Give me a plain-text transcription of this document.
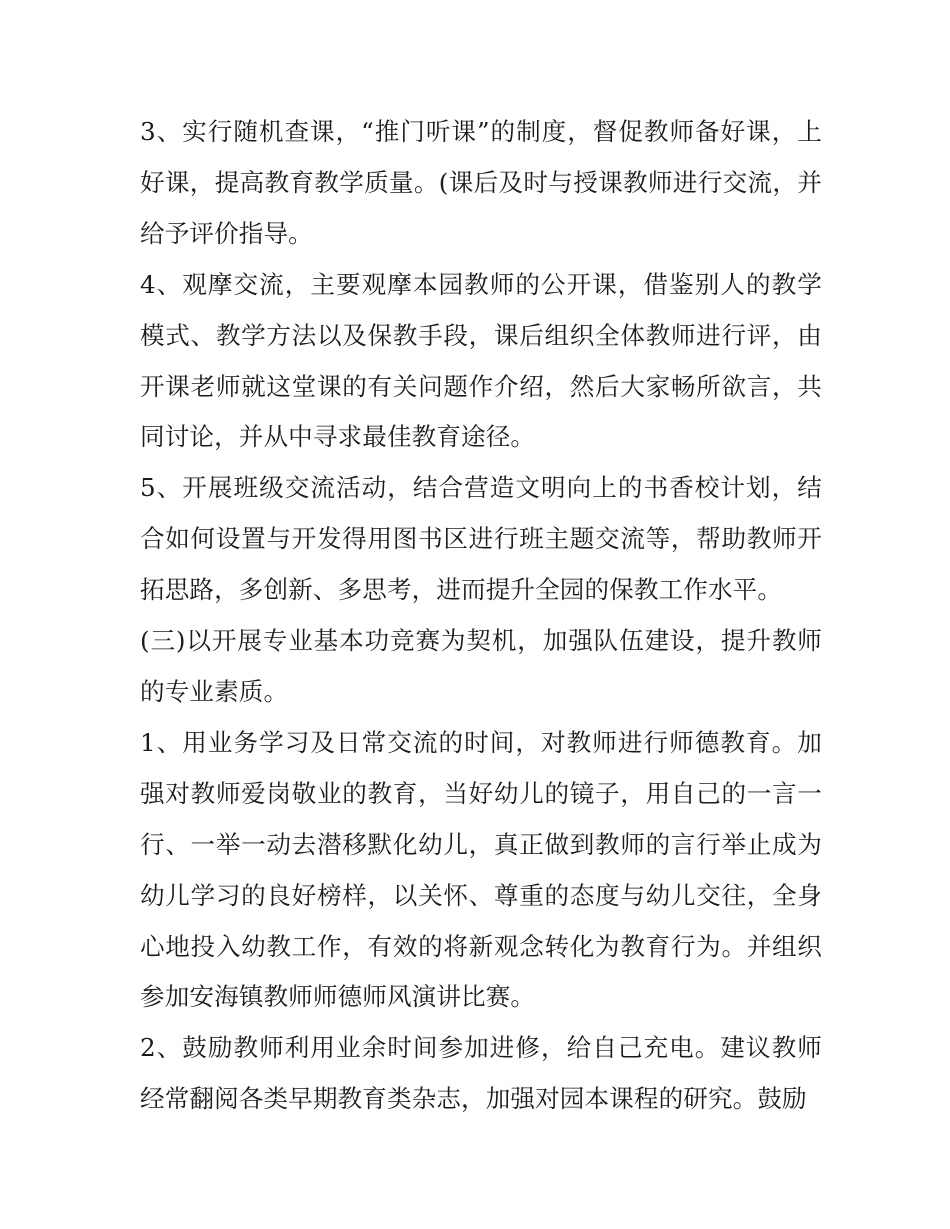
3、实行随机查课，“推门听课”的制度，督促教师备好课，上好课，提高教育教学质量。(课后及时与授课教师进行交流，并给予评价指导。

4、观摩交流，主要观摩本园教师的公开课，借鉴别人的教学模式、教学方法以及保教手段，课后组织全体教师进行评，由开课老师就这堂课的有关问题作介绍，然后大家畅所欲言，共同讨论，并从中寻求最佳教育途径。

5、开展班级交流活动，结合营造文明向上的书香校计划，结合如何设置与开发得用图书区进行班主题交流等，帮助教师开拓思路，多创新、多思考，进而提升全园的保教工作水平。

(三)以开展专业基本功竞赛为契机，加强队伍建设，提升教师的专业素质。

1、用业务学习及日常交流的时间，对教师进行师德教育。加强对教师爱岗敬业的教育，当好幼儿的镜子，用自己的一言一行、一举一动去潜移默化幼儿，真正做到教师的言行举止成为幼儿学习的良好榜样，以关怀、尊重的态度与幼儿交往，全身心地投入幼教工作，有效的将新观念转化为教育行为。并组织参加安海镇教师师德师风演讲比赛。

2、鼓励教师利用业余时间参加进修，给自己充电。建议教师经常翻阅各类早期教育类杂志，加强对园本课程的研究。鼓励
